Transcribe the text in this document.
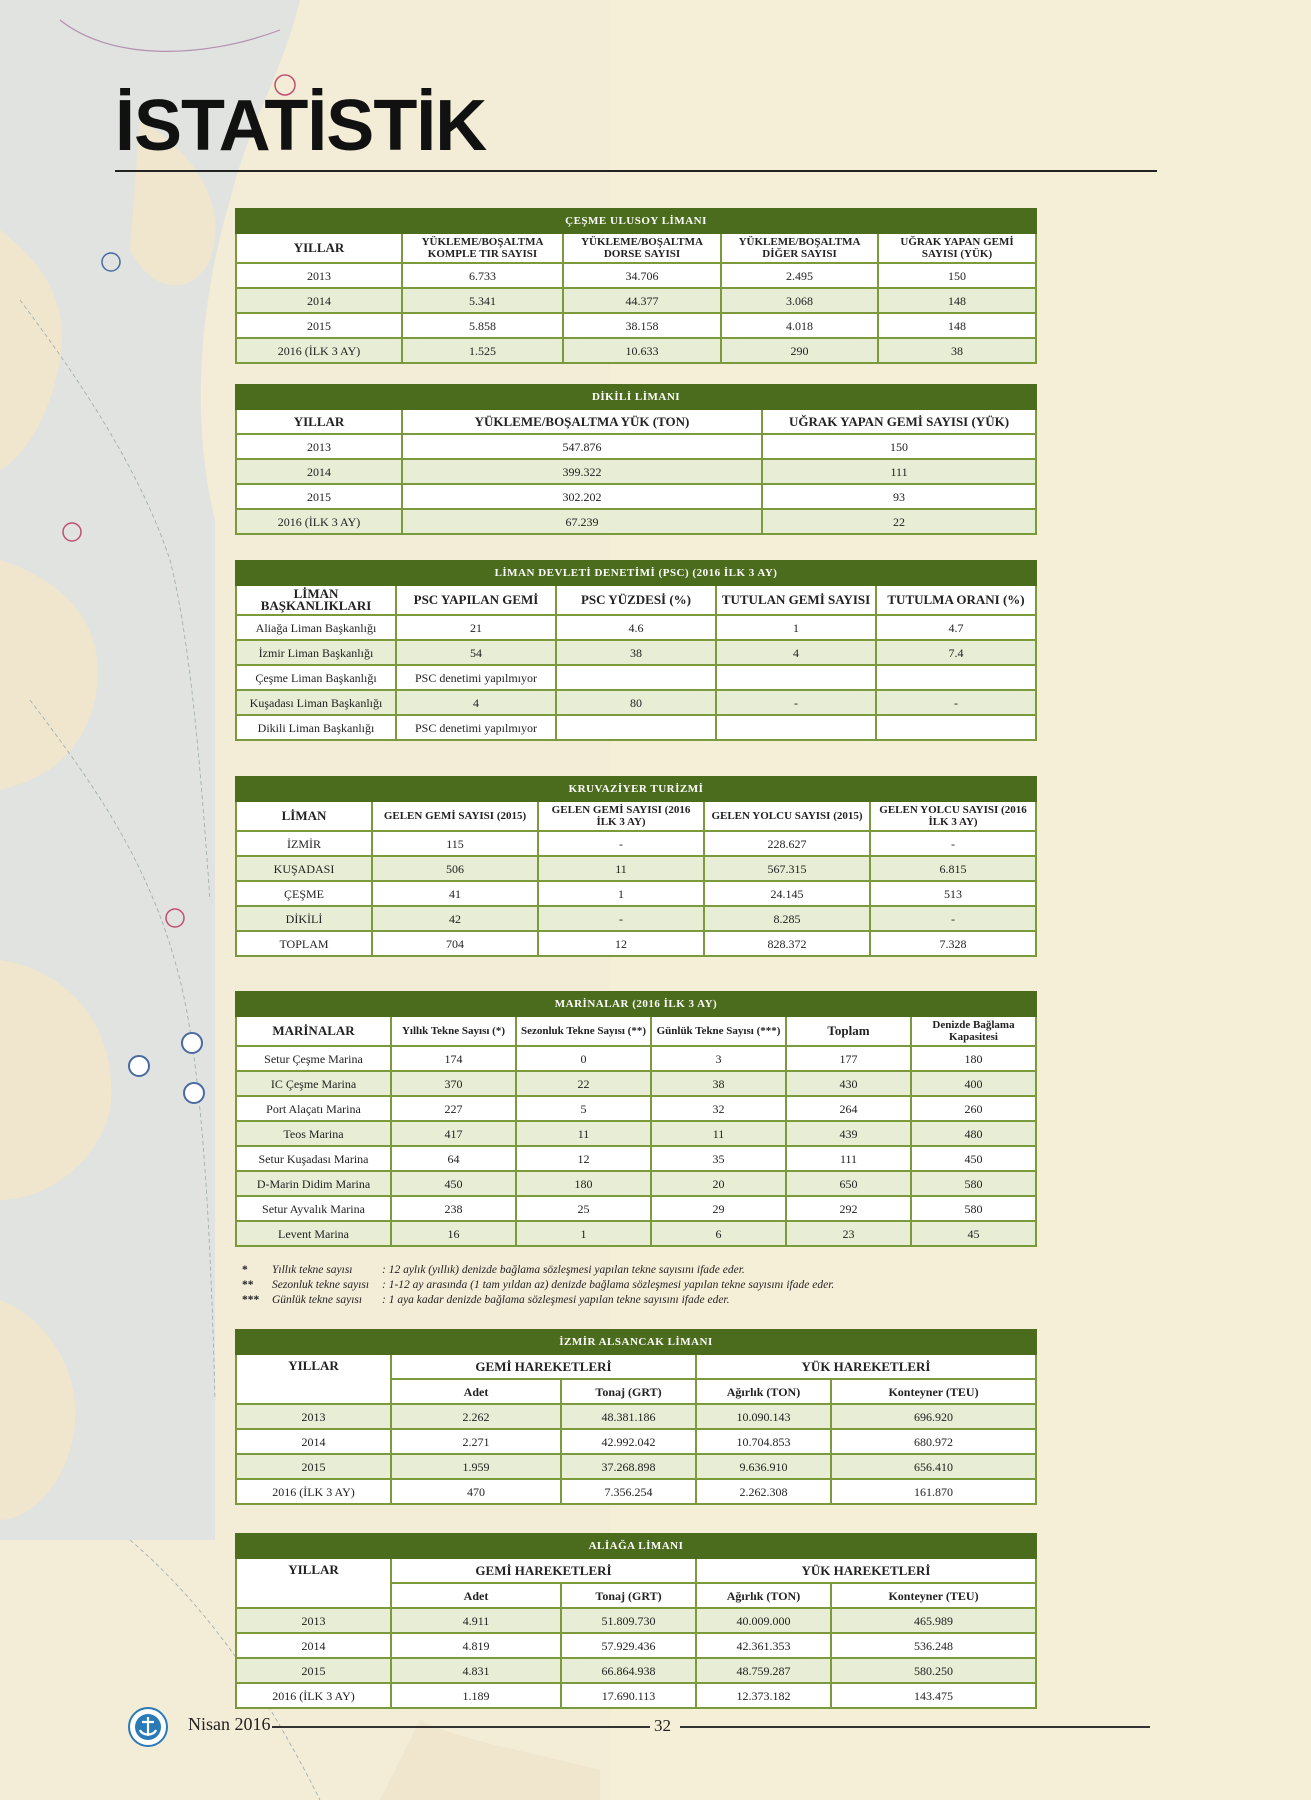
İSTATİSTİK
ÇEŞME ULUSOY LİMANI				
YILLAR	YÜKLEME/BOŞALTMA KOMPLE TIR SAYISI	YÜKLEME/BOŞALTMA DORSE SAYISI	YÜKLEME/BOŞALTMA DİĞER SAYISI	UĞRAK YAPAN GEMİ SAYISI (YÜK)
2013	6.733	34.706	2.495	150
2014	5.341	44.377	3.068	148
2015	5.858	38.158	4.018	148
2016 (İLK 3 AY)	1.525	10.633	290	38
DİKİLİ LİMANI		
YILLAR	YÜKLEME/BOŞALTMA YÜK (TON)	UĞRAK YAPAN GEMİ SAYISI (YÜK)
2013	547.876	150
2014	399.322	111
2015	302.202	93
2016 (İLK 3 AY)	67.239	22
LİMAN DEVLETİ DENETİMİ (PSC) (2016 İLK 3 AY)				
LİMAN BAŞKANLIKLARI	PSC YAPILAN GEMİ	PSC YÜZDESİ (%)	TUTULAN GEMİ SAYISI	TUTULMA ORANI (%)
Aliağa Liman Başkanlığı	21	4.6	1	4.7
İzmir Liman Başkanlığı	54	38	4	7.4
Çeşme Liman Başkanlığı	PSC denetimi yapılmıyor			
Kuşadası Liman Başkanlığı	4	80	-	-
Dikili Liman Başkanlığı	PSC denetimi yapılmıyor			
KRUVAZİYER TURİZMİ				
LİMAN	GELEN GEMİ SAYISI (2015)	GELEN GEMİ SAYISI (2016 İLK 3 AY)	GELEN YOLCU SAYISI (2015)	GELEN YOLCU SAYISI (2016 İLK 3 AY)
İZMİR	115	-	228.627	-
KUŞADASI	506	11	567.315	6.815
ÇEŞME	41	1	24.145	513
DİKİLİ	42	-	8.285	-
TOPLAM	704	12	828.372	7.328
MARİNALAR (2016 İLK 3 AY)					
MARİNALAR	Yıllık Tekne Sayısı (*)	Sezonluk Tekne Sayısı (**)	Günlük Tekne Sayısı (***)	Toplam	Denizde Bağlama Kapasitesi
Setur Çeşme Marina	174	0	3	177	180
IC Çeşme Marina	370	22	38	430	400
Port Alaçatı Marina	227	5	32	264	260
Teos Marina	417	11	11	439	480
Setur Kuşadası Marina	64	12	35	111	450
D-Marin Didim Marina	450	180	20	650	580
Setur Ayvalık Marina	238	25	29	292	580
Levent Marina	16	1	6	23	45
*	Yıllık tekne sayısı	: 12 aylık (yıllık) denizde bağlama sözleşmesi yapılan tekne sayısını ifade eder.
**	Sezonluk tekne sayısı	: 1-12 ay arasında (1 tam yıldan az) denizde bağlama sözleşmesi yapılan tekne sayısını ifade eder.
***	Günlük tekne sayısı	: 1 aya kadar denizde bağlama sözleşmesi yapılan tekne sayısını ifade eder.
İZMİR ALSANCAK LİMANI				
YILLAR	GEMİ HAREKETLERİ		YÜK HAREKETLERİ	
	Adet	Tonaj (GRT)	Ağırlık (TON)	Konteyner (TEU)
2013	2.262	48.381.186	10.090.143	696.920
2014	2.271	42.992.042	10.704.853	680.972
2015	1.959	37.268.898	9.636.910	656.410
2016 (İLK 3 AY)	470	7.356.254	2.262.308	161.870
ALİAĞA LİMANI				
YILLAR	GEMİ HAREKETLERİ		YÜK HAREKETLERİ	
	Adet	Tonaj (GRT)	Ağırlık (TON)	Konteyner (TEU)
2013	4.911	51.809.730	40.009.000	465.989
2014	4.819	57.929.436	42.361.353	536.248
2015	4.831	66.864.938	48.759.287	580.250
2016 (İLK 3 AY)	1.189	17.690.113	12.373.182	143.475
Nisan 2016	32
